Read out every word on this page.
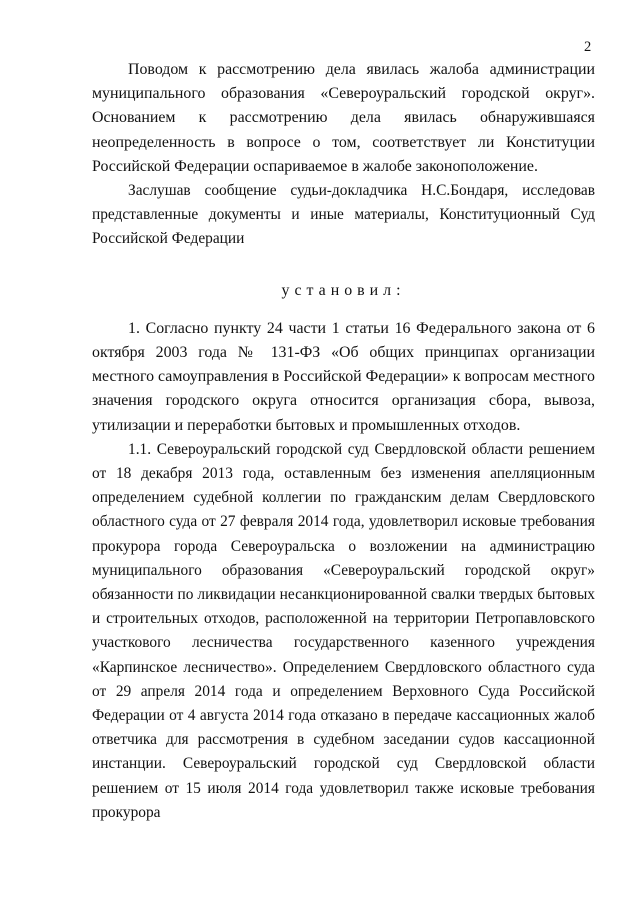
2

Поводом к рассмотрению дела явилась жалоба администрации муниципального образования «Североуральский городской округ». Основанием к рассмотрению дела явилась обнаружившаяся неопределенность в вопросе о том, соответствует ли Конституции Российской Федерации оспариваемое в жалобе законоположение.

Заслушав сообщение судьи-докладчика Н.С.Бондаря, исследовав представленные документы и иные материалы, Конституционный Суд Российской Федерации

установил:

1. Согласно пункту 24 части 1 статьи 16 Федерального закона от 6 октября 2003 года № 131-ФЗ «Об общих принципах организации местного самоуправления в Российской Федерации» к вопросам местного значения городского округа относится организация сбора, вывоза, утилизации и переработки бытовых и промышленных отходов.

1.1. Североуральский городской суд Свердловской области решением от 18 декабря 2013 года, оставленным без изменения апелляционным определением судебной коллегии по гражданским делам Свердловского областного суда от 27 февраля 2014 года, удовлетворил исковые требования прокурора города Североуральска о возложении на администрацию муниципального образования «Североуральский городской округ» обязанности по ликвидации несанкционированной свалки твердых бытовых и строительных отходов, расположенной на территории Петропавловского участкового лесничества государственного казенного учреждения «Карпинское лесничество». Определением Свердловского областного суда от 29 апреля 2014 года и определением Верховного Суда Российской Федерации от 4 августа 2014 года отказано в передаче кассационных жалоб ответчика для рассмотрения в судебном заседании судов кассационной инстанции. Североуральский городской суд Свердловской области решением от 15 июля 2014 года удовлетворил также исковые требования прокурора
